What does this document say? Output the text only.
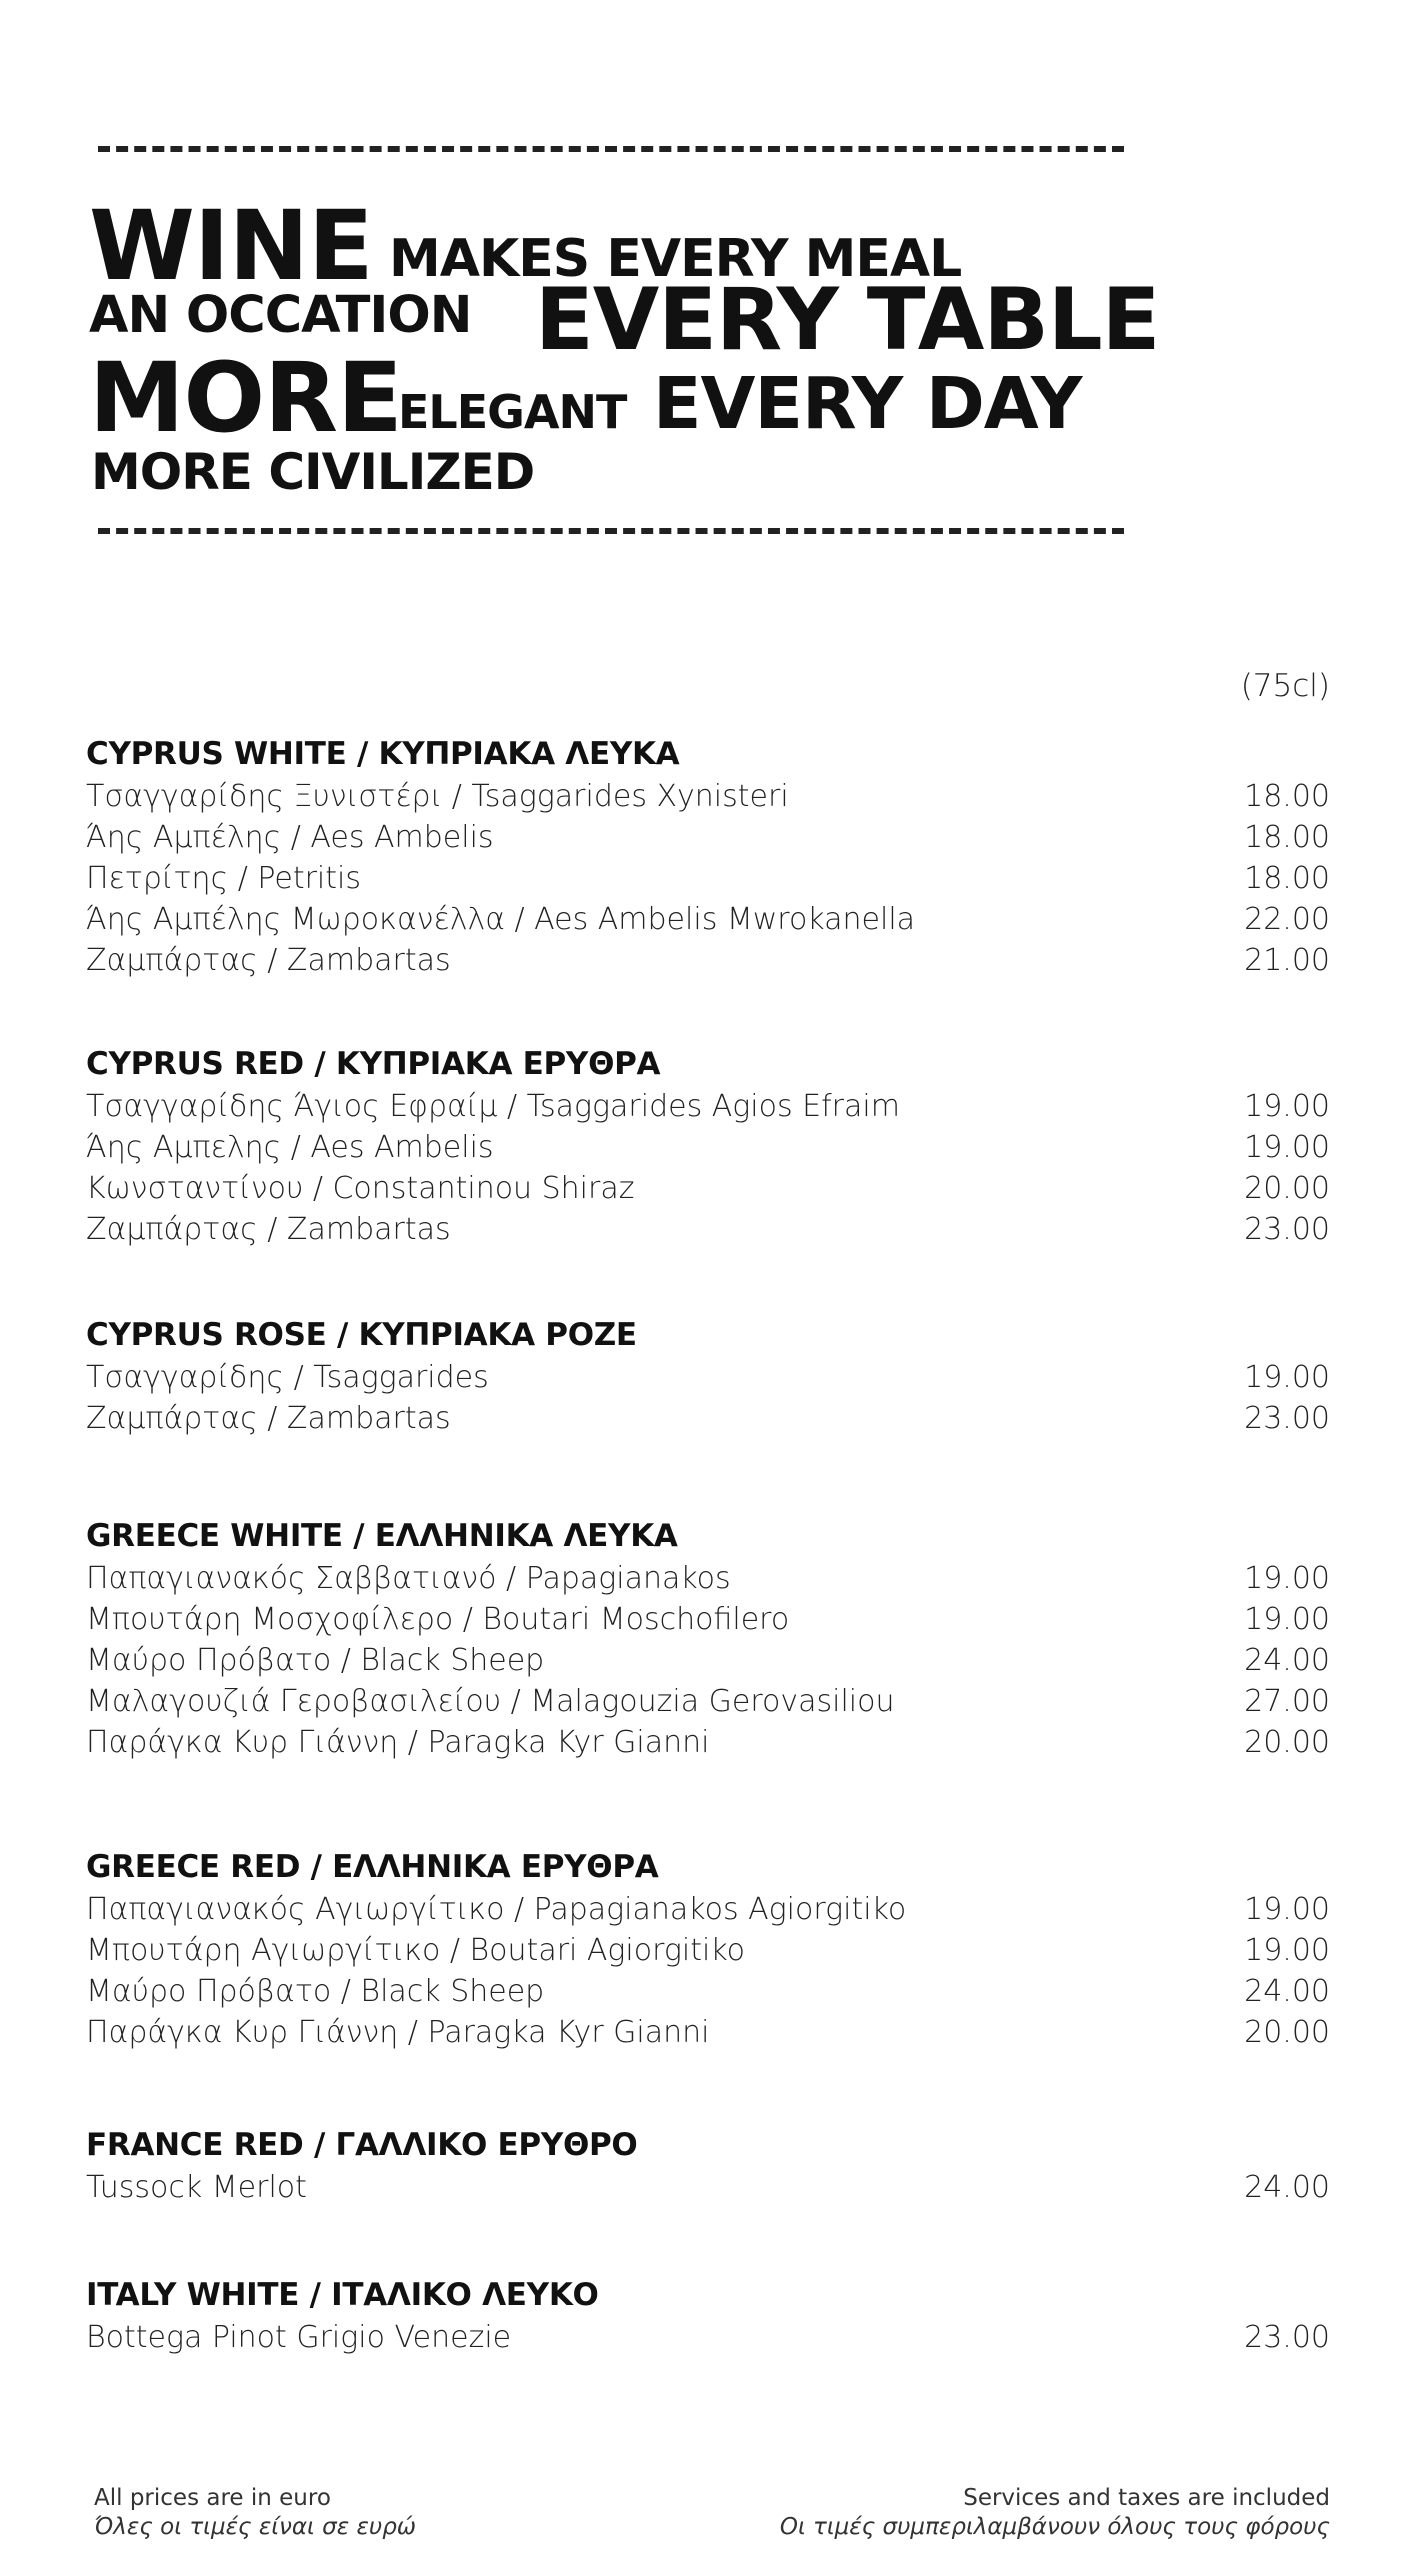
WINE MAKES EVERY MEAL
AN OCCATION EVERY TABLE
MORE
ELEGANT EVERY DAY
MORE CIVILIZED
(75cl)
CYPRUS WHITE / ΚΥΠΡΙΑΚΑ ΛΕΥΚΑ
Τσαγγαρίδης Ξυνιστέρι / Tsaggarides Xynisteri	18.00
Άης Αμπέλης / Aes Ambelis	18.00
Πετρίτης / Petritis	18.00
Άης Αμπέλης Μωροκανέλλα / Aes Ambelis Mwrokanella	22.00
Ζαμπάρτας / Zambartas	21.00
CYPRUS RED / ΚΥΠΡΙΑΚΑ ΕΡΥΘΡΑ
Τσαγγαρίδης Άγιος Εφραίμ / Tsaggarides Agios Efraim	19.00
Άης Αμπελης / Aes Ambelis	19.00
Κωνσταντίνου / Constantinou Shiraz	20.00
Ζαμπάρτας / Zambartas	23.00
CYPRUS ROSE / ΚΥΠΡΙΑΚΑ ΡΟΖΕ
Τσαγγαρίδης / Tsaggarides	19.00
Ζαμπάρτας / Zambartas	23.00
GREECE WHITE / ΕΛΛΗΝΙΚΑ ΛΕΥΚΑ
Παπαγιανακός Σαββατιανό / Papagianakos	19.00
Μπουτάρη Μοσχοφίλερο / Boutari Moschofilero	19.00
Μαύρο Πρόβατο / Black Sheep	24.00
Μαλαγουζιά Γεροβασιλείου / Malagouzia Gerovasiliou	27.00
Παράγκα Κυρ Γιάννη / Paragka Kyr Gianni	20.00
GREECE RED / ΕΛΛΗΝΙΚΑ ΕΡΥΘΡΑ
Παπαγιανακός Αγιωργίτικο / Papagianakos Agiorgitiko	19.00
Μπουτάρη Αγιωργίτικο / Boutari Agiorgitiko	19.00
Μαύρο Πρόβατο / Black Sheep	24.00
Παράγκα Κυρ Γιάννη / Paragka Kyr Gianni	20.00
FRANCE RED / ΓΑΛΛΙΚΟ ΕΡΥΘΡΟ
Tussock Merlot	24.00
ITALY WHITE / ΙΤΑΛΙΚΟ ΛΕΥΚΟ
Bottega Pinot Grigio Venezie	23.00
All prices are in euro
Όλες οι τιμές είναι σε ευρώ
Services and taxes are included
Οι τιμές συμπεριλαμβάνουν όλους τους φόρους
